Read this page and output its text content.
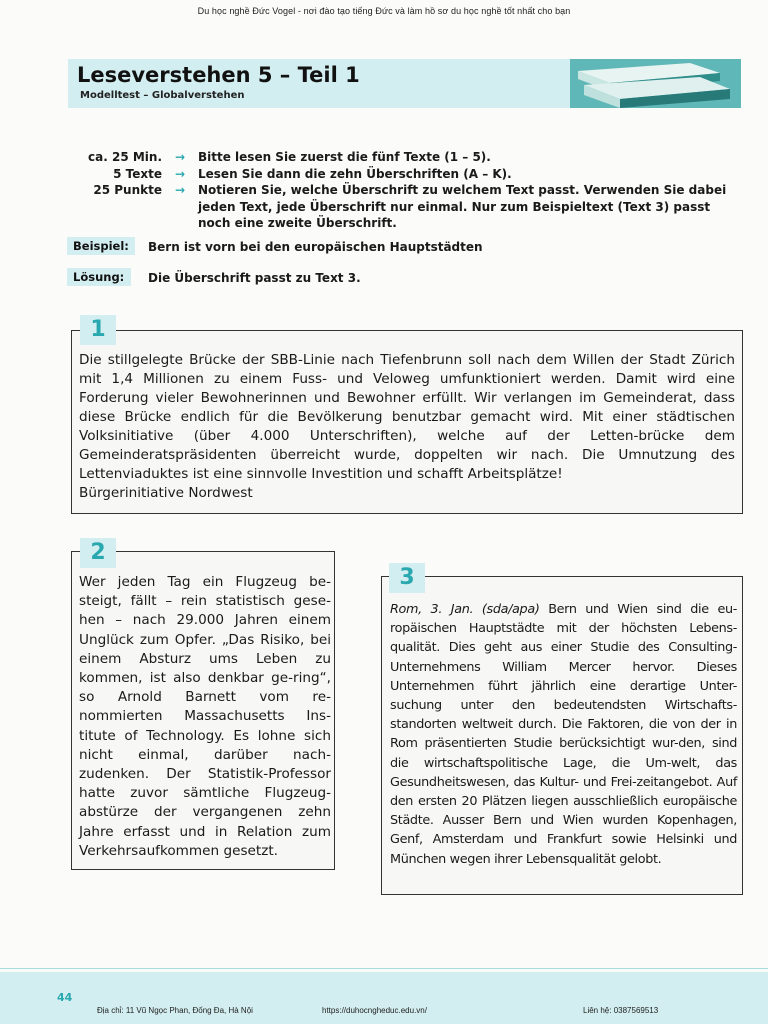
Du học nghề Đức Vogel - nơi đào tạo tiếng Đức và làm hồ sơ du học nghề tốt nhất cho bạn
Leseverstehen 5 – Teil 1
Modelltest – Globalverstehen
ca. 25 Min. → Bitte lesen Sie zuerst die fünf Texte (1 – 5).
5 Texte → Lesen Sie dann die zehn Überschriften (A – K).
25 Punkte → Notieren Sie, welche Überschrift zu welchem Text passt. Verwenden Sie dabei jeden Text, jede Überschrift nur einmal. Nur zum Beispieltext (Text 3) passt noch eine zweite Überschrift.
Beispiel: Bern ist vorn bei den europäischen Hauptstädten
Lösung: Die Überschrift passt zu Text 3.
1
Die stillgelegte Brücke der SBB-Linie nach Tiefenbrunn soll nach dem Willen der Stadt Zürich mit 1,4 Millionen zu einem Fuss- und Veloweg umfunktioniert werden. Damit wird eine Forderung vieler Bewohnerinnen und Bewohner erfüllt. Wir verlangen im Gemeinderat, dass diese Brücke endlich für die Bevölkerung benutzbar gemacht wird. Mit einer städtischen Volksinitiative (über 4.000 Unterschriften), welche auf der Letten-brücke dem Gemeinderatspräsidenten überreicht wurde, doppelten wir nach. Die Umnutzung des Lettenviaduktes ist eine sinnvolle Investition und schafft Arbeitsplätze!
Bürgerinitiative Nordwest
2
Wer jeden Tag ein Flugzeug be-steigt, fällt – rein statistisch gese-hen – nach 29.000 Jahren einem Unglück zum Opfer. „Das Risiko, bei einem Absturz ums Leben zu kommen, ist also denkbar ge-ring“, so Arnold Barnett vom re-nommierten Massachusetts Ins-titute of Technology. Es lohne sich nicht einmal, darüber nach-zudenken. Der Statistik-Professor hatte zuvor sämtliche Flugzeug-abstürze der vergangenen zehn Jahre erfasst und in Relation zum Verkehrsaufkommen gesetzt.
3
Rom, 3. Jan. (sda/apa) Bern und Wien sind die eu-ropäischen Hauptstädte mit der höchsten Lebens-qualität. Dies geht aus einer Studie des Consulting-Unternehmens William Mercer hervor. Dieses Unternehmen führt jährlich eine derartige Unter-suchung unter den bedeutendsten Wirtschafts-standorten weltweit durch. Die Faktoren, die von der in Rom präsentierten Studie berücksichtigt wur-den, sind die wirtschaftspolitische Lage, die Um-welt, das Gesundheitswesen, das Kultur- und Frei-zeitangebot. Auf den ersten 20 Plätzen liegen ausschließlich europäische Städte. Ausser Bern und Wien wurden Kopenhagen, Genf, Amsterdam und Frankfurt sowie Helsinki und München wegen ihrer Lebensqualität gelobt.
44
Địa chỉ: 11 Vũ Ngọc Phan, Đống Đa, Hà Nội	https://duhocngheduc.edu.vn/	Liên hệ: 0387569513
